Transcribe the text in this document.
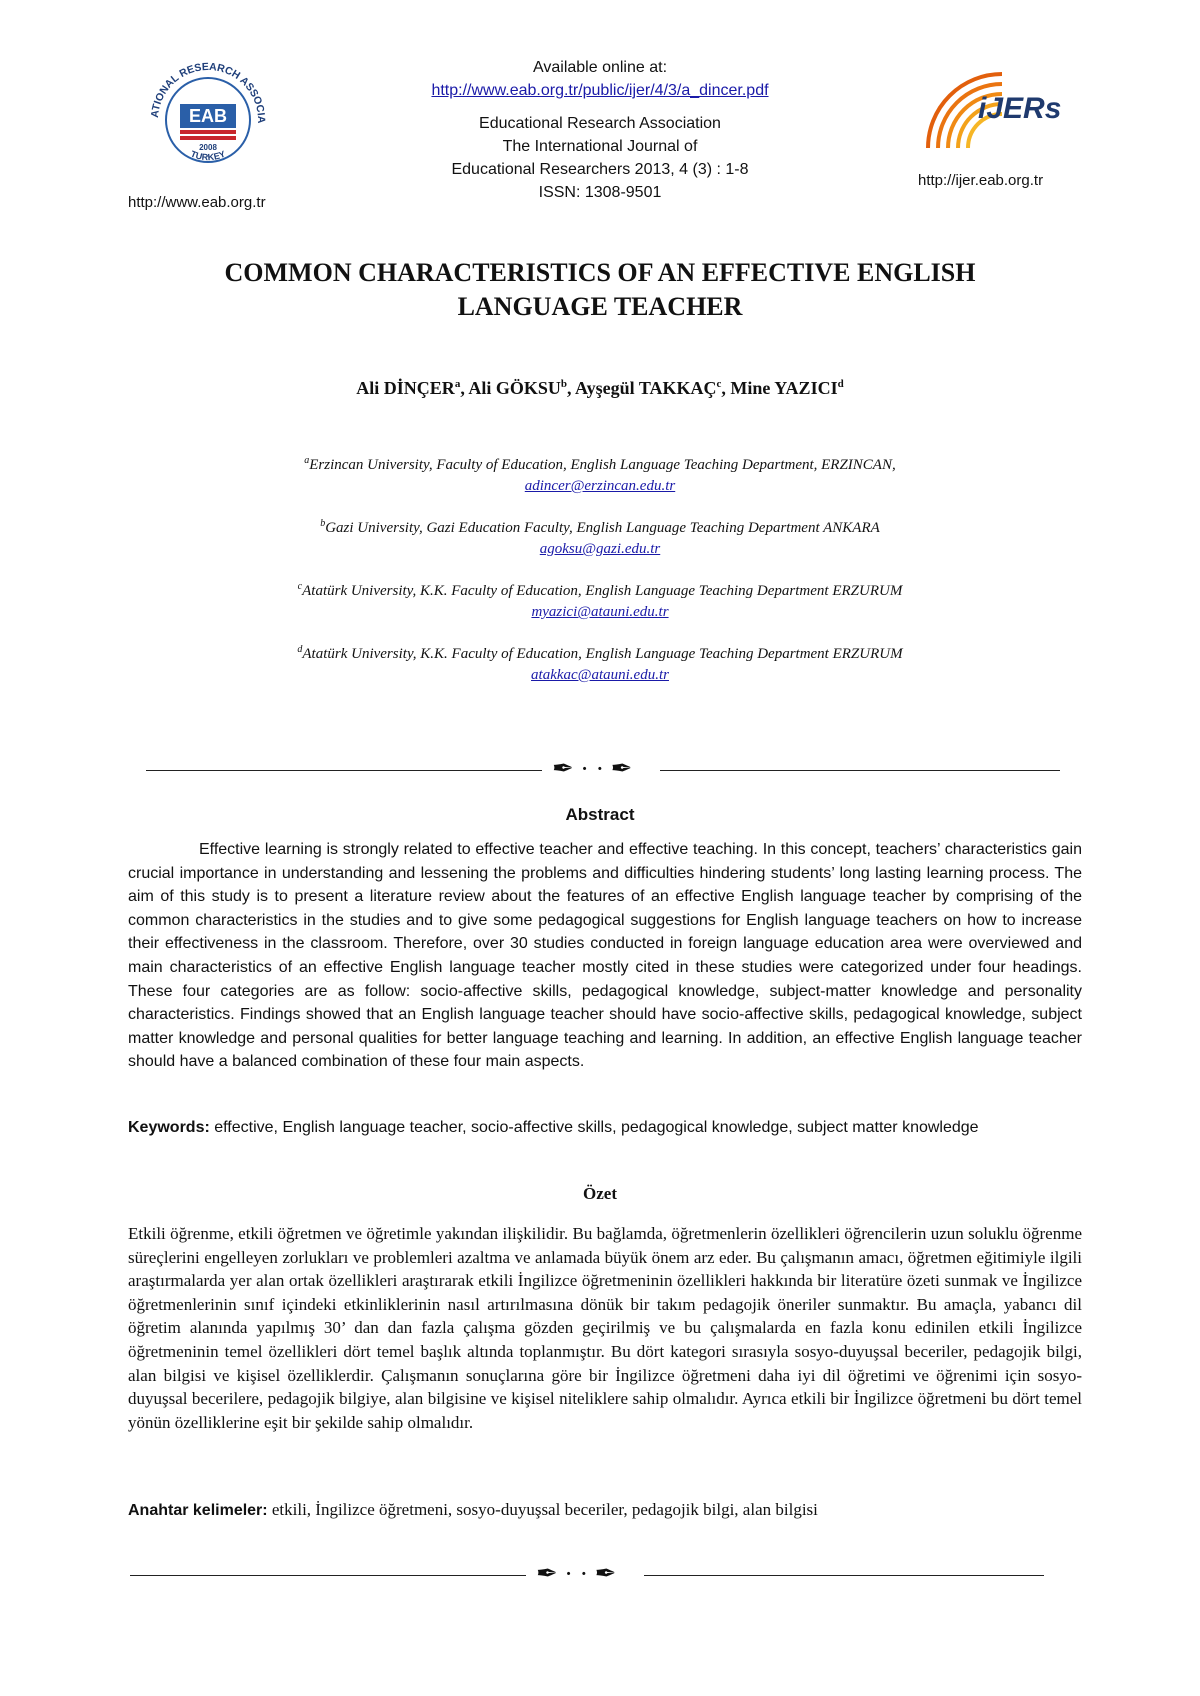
ATIONAL RESEARCH ASSOCIA
EAB
2008
TURKEY
http://www.eab.org.tr
Available online at:
http://www.eab.org.tr/public/ijer/4/3/a_dincer.pdf
Educational Research Association
The International Journal of
Educational Researchers 2013, 4 (3) : 1-8
ISSN: 1308-9501
iJERs
http://ijer.eab.org.tr
COMMON CHARACTERISTICS OF AN EFFECTIVE ENGLISH
LANGUAGE TEACHER
Ali DİNÇER$^a$, Ali GÖKSU$^b$, Ayşegül TAKKAÇ$^c$, Mine YAZICI$^d$
$^a$Erzincan University, Faculty of Education, English Language Teaching Department, ERZINCAN,
adincer@erzincan.edu.tr
$^b$Gazi University, Gazi Education Faculty, English Language Teaching Department ANKARA
agoksu@gazi.edu.tr
$^c$Atatürk University, K.K. Faculty of Education, English Language Teaching Department ERZURUM
myazici@atauni.edu.tr
$^d$Atatürk University, K.K. Faculty of Education, English Language Teaching Department ERZURUM
atakkac@atauni.edu.tr
✒ · · ✒
Abstract

Effective learning is strongly related to effective teacher and effective teaching. In this concept, teachers’ characteristics gain crucial importance in understanding and lessening the problems and difficulties hindering students’ long lasting learning process. The aim of this study is to present a literature review about the features of an effective English language teacher by comprising of the common characteristics in the studies and to give some pedagogical suggestions for English language teachers on how to increase their effectiveness in the classroom. Therefore, over 30 studies conducted in foreign language education area were overviewed and main characteristics of an effective English language teacher mostly cited in these studies were categorized under four headings. These four categories are as follow: socio-affective skills, pedagogical knowledge, subject-matter knowledge and personality characteristics. Findings showed that an English language teacher should have socio-affective skills, pedagogical knowledge, subject matter knowledge and personal qualities for better language teaching and learning. In addition, an effective English language teacher should have a balanced combination of these four main aspects.

Keywords: effective, English language teacher, socio-affective skills, pedagogical knowledge, subject matter knowledge
Özet

Etkili öğrenme, etkili öğretmen ve öğretimle yakından ilişkilidir. Bu bağlamda, öğretmenlerin özellikleri öğrencilerin uzun soluklu öğrenme süreçlerini engelleyen zorlukları ve problemleri azaltma ve anlamada büyük önem arz eder. Bu çalışmanın amacı, öğretmen eğitimiyle ilgili araştırmalarda yer alan ortak özellikleri araştırarak etkili İngilizce öğretmeninin özellikleri hakkında bir literatüre özeti sunmak ve İngilizce öğretmenlerinin sınıf içindeki etkinliklerinin nasıl artırılmasına dönük bir takım pedagojik öneriler sunmaktır. Bu amaçla, yabancı dil öğretim alanında yapılmış 30’ dan dan fazla çalışma gözden geçirilmiş ve bu çalışmalarda en fazla konu edinilen etkili İngilizce öğretmeninin temel özellikleri dört temel başlık altında toplanmıştır. Bu dört kategori sırasıyla sosyo-duyuşsal beceriler, pedagojik bilgi, alan bilgisi ve kişisel özelliklerdir. Çalışmanın sonuçlarına göre bir İngilizce öğretmeni daha iyi dil öğretimi ve öğrenimi için sosyo-duyuşsal becerilere, pedagojik bilgiye, alan bilgisine ve kişisel niteliklere sahip olmalıdır. Ayrıca etkili bir İngilizce öğretmeni bu dört temel yönün özelliklerine eşit bir şekilde sahip olmalıdır.

Anahtar kelimeler: etkili, İngilizce öğretmeni, sosyo-duyuşsal beceriler, pedagojik bilgi, alan bilgisi
✒ · · ✒
